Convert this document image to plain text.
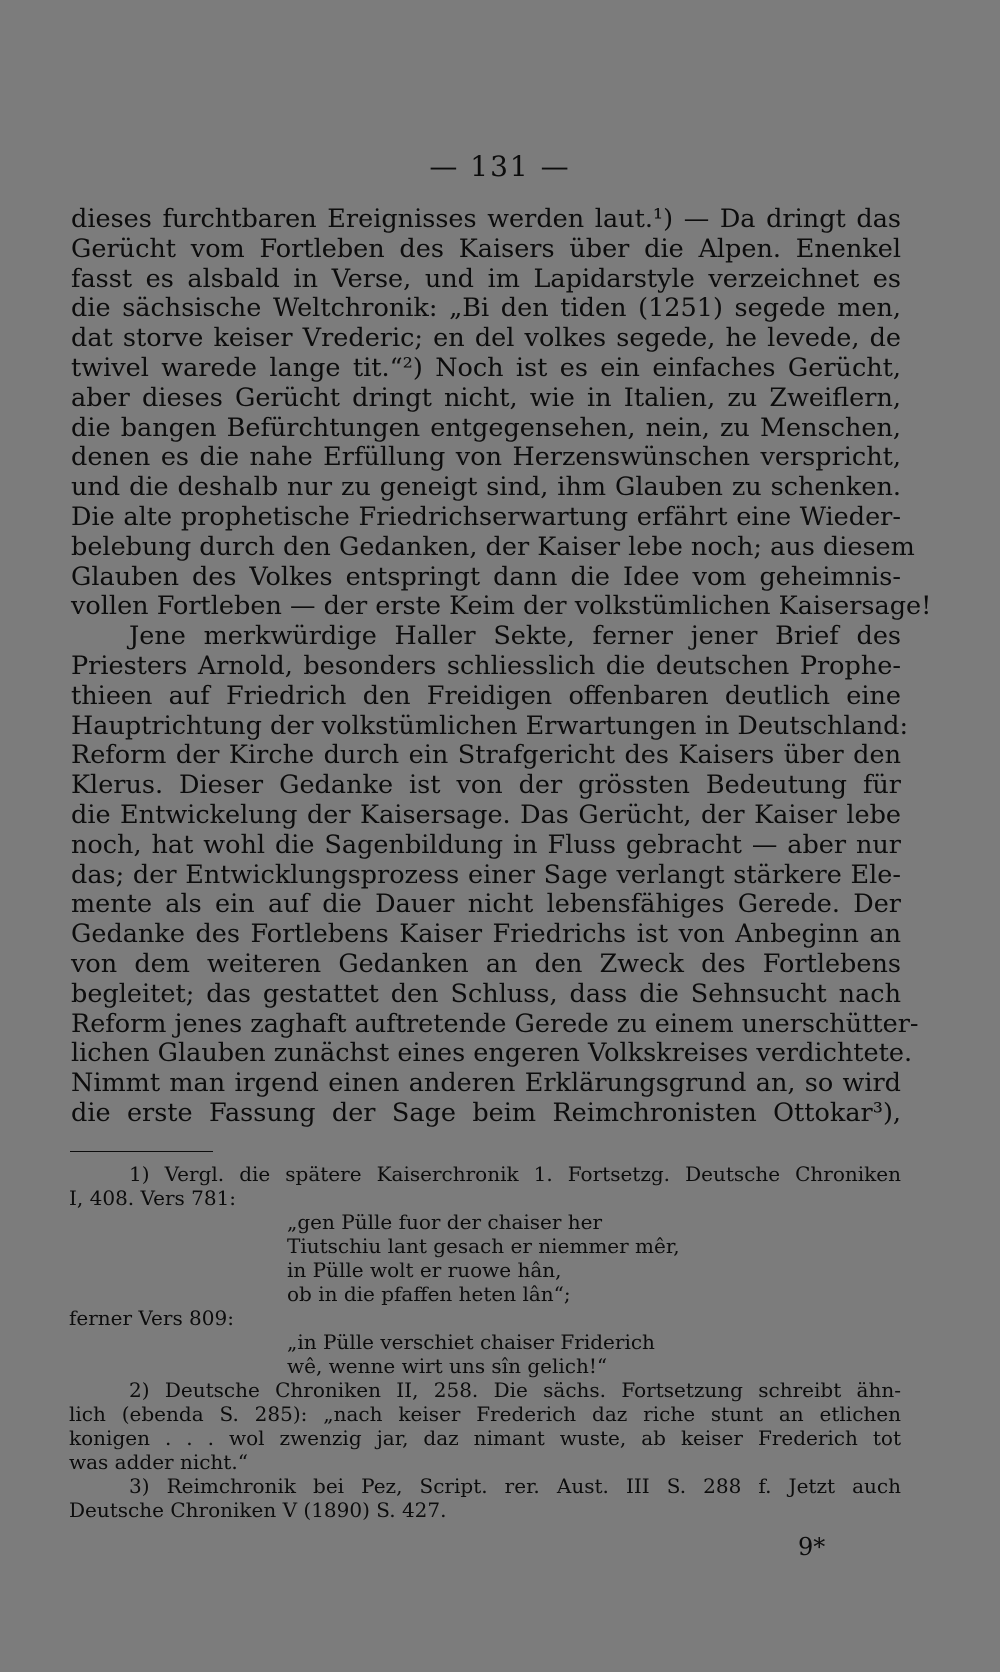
— 131 —
dieses furchtbaren Ereignisses werden laut.¹) — Da dringt das
Gerücht vom Fortleben des Kaisers über die Alpen. Enenkel
fasst es alsbald in Verse, und im Lapidarstyle verzeichnet es
die sächsische Weltchronik: „Bi den tiden (1251) segede men,
dat storve keiser Vrederic; en del volkes segede, he levede, de
twivel warede lange tit.“²) Noch ist es ein einfaches Gerücht,
aber dieses Gerücht dringt nicht, wie in Italien, zu Zweiflern,
die bangen Befürchtungen entgegensehen, nein, zu Menschen,
denen es die nahe Erfüllung von Herzenswünschen verspricht,
und die deshalb nur zu geneigt sind, ihm Glauben zu schenken.
Die alte prophetische Friedrichserwartung erfährt eine Wieder-
belebung durch den Gedanken, der Kaiser lebe noch; aus diesem
Glauben des Volkes entspringt dann die Idee vom geheimnis-
vollen Fortleben — der erste Keim der volkstümlichen Kaisersage!
Jene merkwürdige Haller Sekte, ferner jener Brief des
Priesters Arnold, besonders schliesslich die deutschen Prophe-
thieen auf Friedrich den Freidigen offenbaren deutlich eine
Hauptrichtung der volkstümlichen Erwartungen in Deutschland:
Reform der Kirche durch ein Strafgericht des Kaisers über den
Klerus. Dieser Gedanke ist von der grössten Bedeutung für
die Entwickelung der Kaisersage. Das Gerücht, der Kaiser lebe
noch, hat wohl die Sagenbildung in Fluss gebracht — aber nur
das; der Entwicklungsprozess einer Sage verlangt stärkere Ele-
mente als ein auf die Dauer nicht lebensfähiges Gerede. Der
Gedanke des Fortlebens Kaiser Friedrichs ist von Anbeginn an
von dem weiteren Gedanken an den Zweck des Fortlebens
begleitet; das gestattet den Schluss, dass die Sehnsucht nach
Reform jenes zaghaft auftretende Gerede zu einem unerschütter-
lichen Glauben zunächst eines engeren Volkskreises verdichtete.
Nimmt man irgend einen anderen Erklärungsgrund an, so wird
die erste Fassung der Sage beim Reimchronisten Ottokar³),
1) Vergl. die spätere Kaiserchronik 1. Fortsetzg. Deutsche Chroniken
I, 408. Vers 781:
„gen Pülle fuor der chaiser her
Tiutschiu lant gesach er niemmer mêr,
in Pülle wolt er ruowe hân,
ob in die pfaffen heten lân“;
ferner Vers 809:
„in Pülle verschiet chaiser Friderich
wê, wenne wirt uns sîn gelich!“
2) Deutsche Chroniken II, 258. Die sächs. Fortsetzung schreibt ähn-
lich (ebenda S. 285): „nach keiser Frederich daz riche stunt an etlichen
konigen . . . wol zwenzig jar, daz nimant wuste, ab keiser Frederich tot
was adder nicht.“
3) Reimchronik bei Pez, Script. rer. Aust. III S. 288 f. Jetzt auch
Deutsche Chroniken V (1890) S. 427.
9*
